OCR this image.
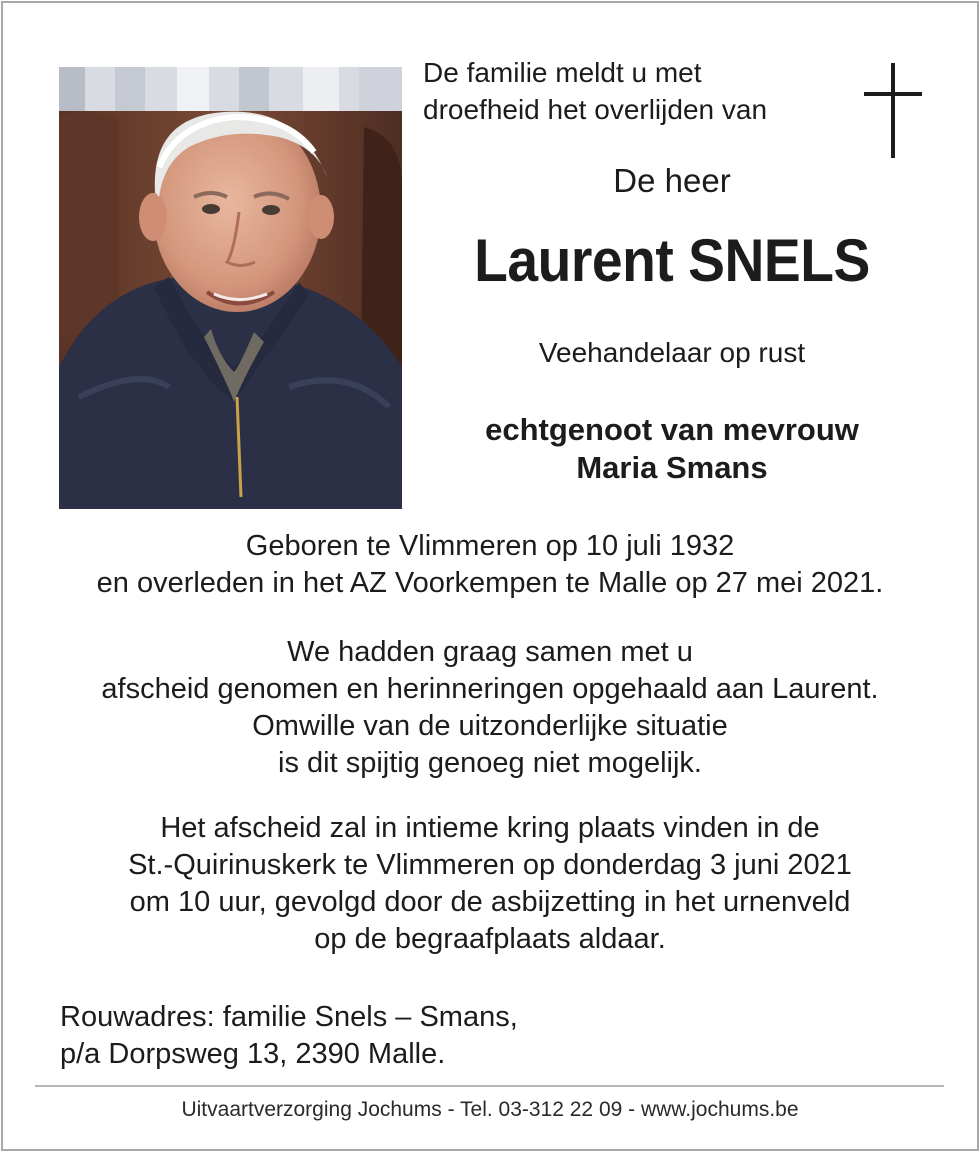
De familie meldt u met
droefheid het overlijden van
De heer
Laurent SNELS
Veehandelaar op rust
echtgenoot van mevrouw
Maria Smans
Geboren te Vlimmeren op 10 juli 1932
en overleden in het AZ Voorkempen te Malle op 27 mei 2021.
We hadden graag samen met u
afscheid genomen en herinneringen opgehaald aan Laurent.
Omwille van de uitzonderlijke situatie
is dit spijtig genoeg niet mogelijk.
Het afscheid zal in intieme kring plaats vinden in de
St.-Quirinuskerk te Vlimmeren op donderdag 3 juni 2021
om 10 uur, gevolgd door de asbijzetting in het urnenveld
op de begraafplaats aldaar.
Rouwadres: familie Snels – Smans,
p/a Dorpsweg 13, 2390 Malle.
Uitvaartverzorging Jochums - Tel. 03-312 22 09 - www.jochums.be
